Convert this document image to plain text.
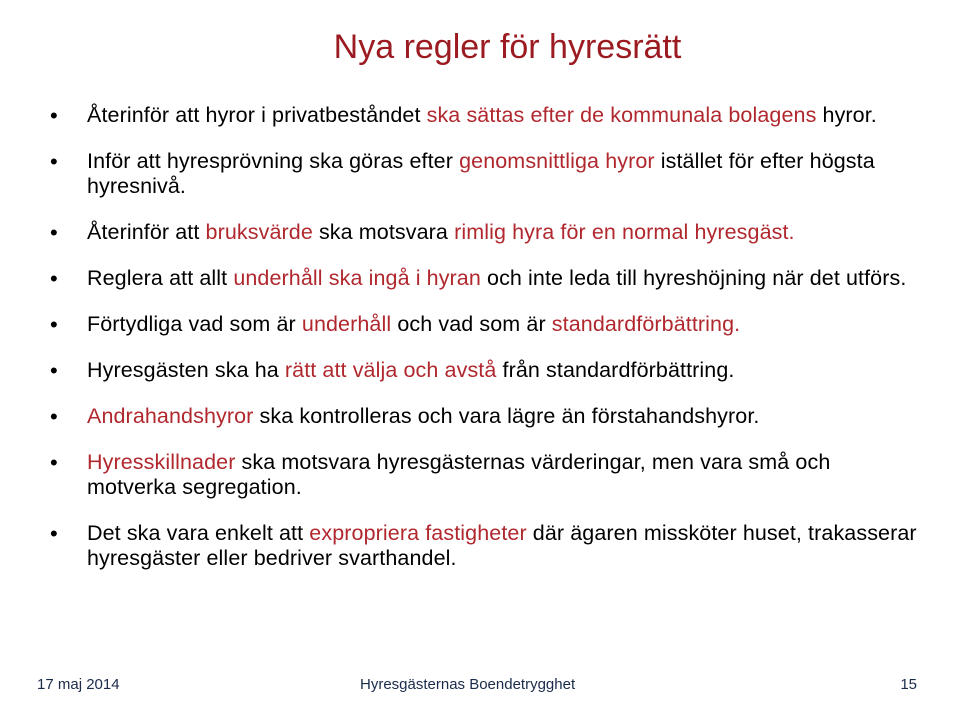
Nya regler för hyresrätt
• Återinför att hyror i privatbeståndet ska sättas efter de kommunala bolagens hyror.
• Inför att hyresprövning ska göras efter genomsnittliga hyror istället för efter högsta hyresnivå.
• Återinför att bruksvärde ska motsvara rimlig hyra för en normal hyresgäst.
• Reglera att allt underhåll ska ingå i hyran och inte leda till hyreshöjning när det utförs.
• Förtydliga vad som är underhåll och vad som är standardförbättring.
• Hyresgästen ska ha rätt att välja och avstå från standardförbättring.
• Andrahandshyror ska kontrolleras och vara lägre än förstahandshyror.
• Hyresskillnader ska motsvara hyresgästernas värderingar, men vara små och motverka segregation.
• Det ska vara enkelt att expropriera fastigheter där ägaren missköter huset, trakasserar hyresgäster eller bedriver svarthandel.
17 maj 2014	Hyresgästernas Boendetrygghet	15
